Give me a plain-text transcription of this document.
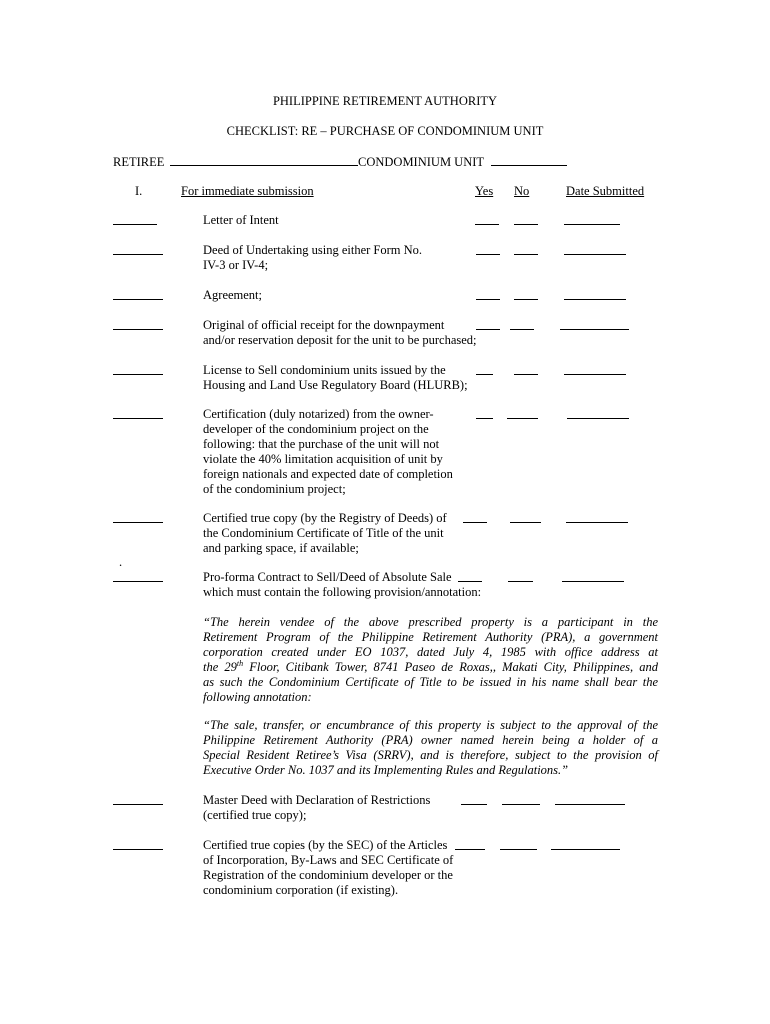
PHILIPPINE RETIREMENT AUTHORITY
CHECKLIST: RE – PURCHASE OF CONDOMINIUM UNIT
RETIREE	CONDOMINIUM UNIT
I.	For immediate submission	Yes No	Date Submitted
Letter of Intent
Deed of Undertaking using either Form No.
IV-3 or IV-4;
Agreement;
Original of official receipt for the downpayment
and/or reservation deposit for the unit to be purchased;
License to Sell condominium units issued by the
Housing and Land Use Regulatory Board (HLURB);
Certification (duly notarized) from the owner-
developer of the condominium project on the
following: that the purchase of the unit will not
violate the 40% limitation acquisition of unit by
foreign nationals and expected date of completion
of the condominium project;
Certified true copy (by the Registry of Deeds) of
the Condominium Certificate of Title of the unit
and parking space, if available;
.
Pro-forma Contract to Sell/Deed of Absolute Sale
which must contain the following provision/annotation:
“The herein vendee of the above prescribed property is a participant in the
Retirement Program of the Philippine Retirement Authority (PRA), a government
corporation created under EO 1037, dated July 4, 1985 with office address at
the 29th Floor, Citibank Tower, 8741 Paseo de Roxas,, Makati City, Philippines, and
as such the Condominium Certificate of Title to be issued in his name shall bear the
following annotation:
“The sale, transfer, or encumbrance of this property is subject to the approval of the
Philippine Retirement Authority (PRA) owner named herein being a holder of a
Special Resident Retiree’s Visa (SRRV), and is therefore, subject to the provision of
Executive Order No. 1037 and its Implementing Rules and Regulations.”
Master Deed with Declaration of Restrictions
(certified true copy);
Certified true copies (by the SEC) of the Articles
of Incorporation, By-Laws and SEC Certificate of
Registration of the condominium developer or the
condominium corporation (if existing).
